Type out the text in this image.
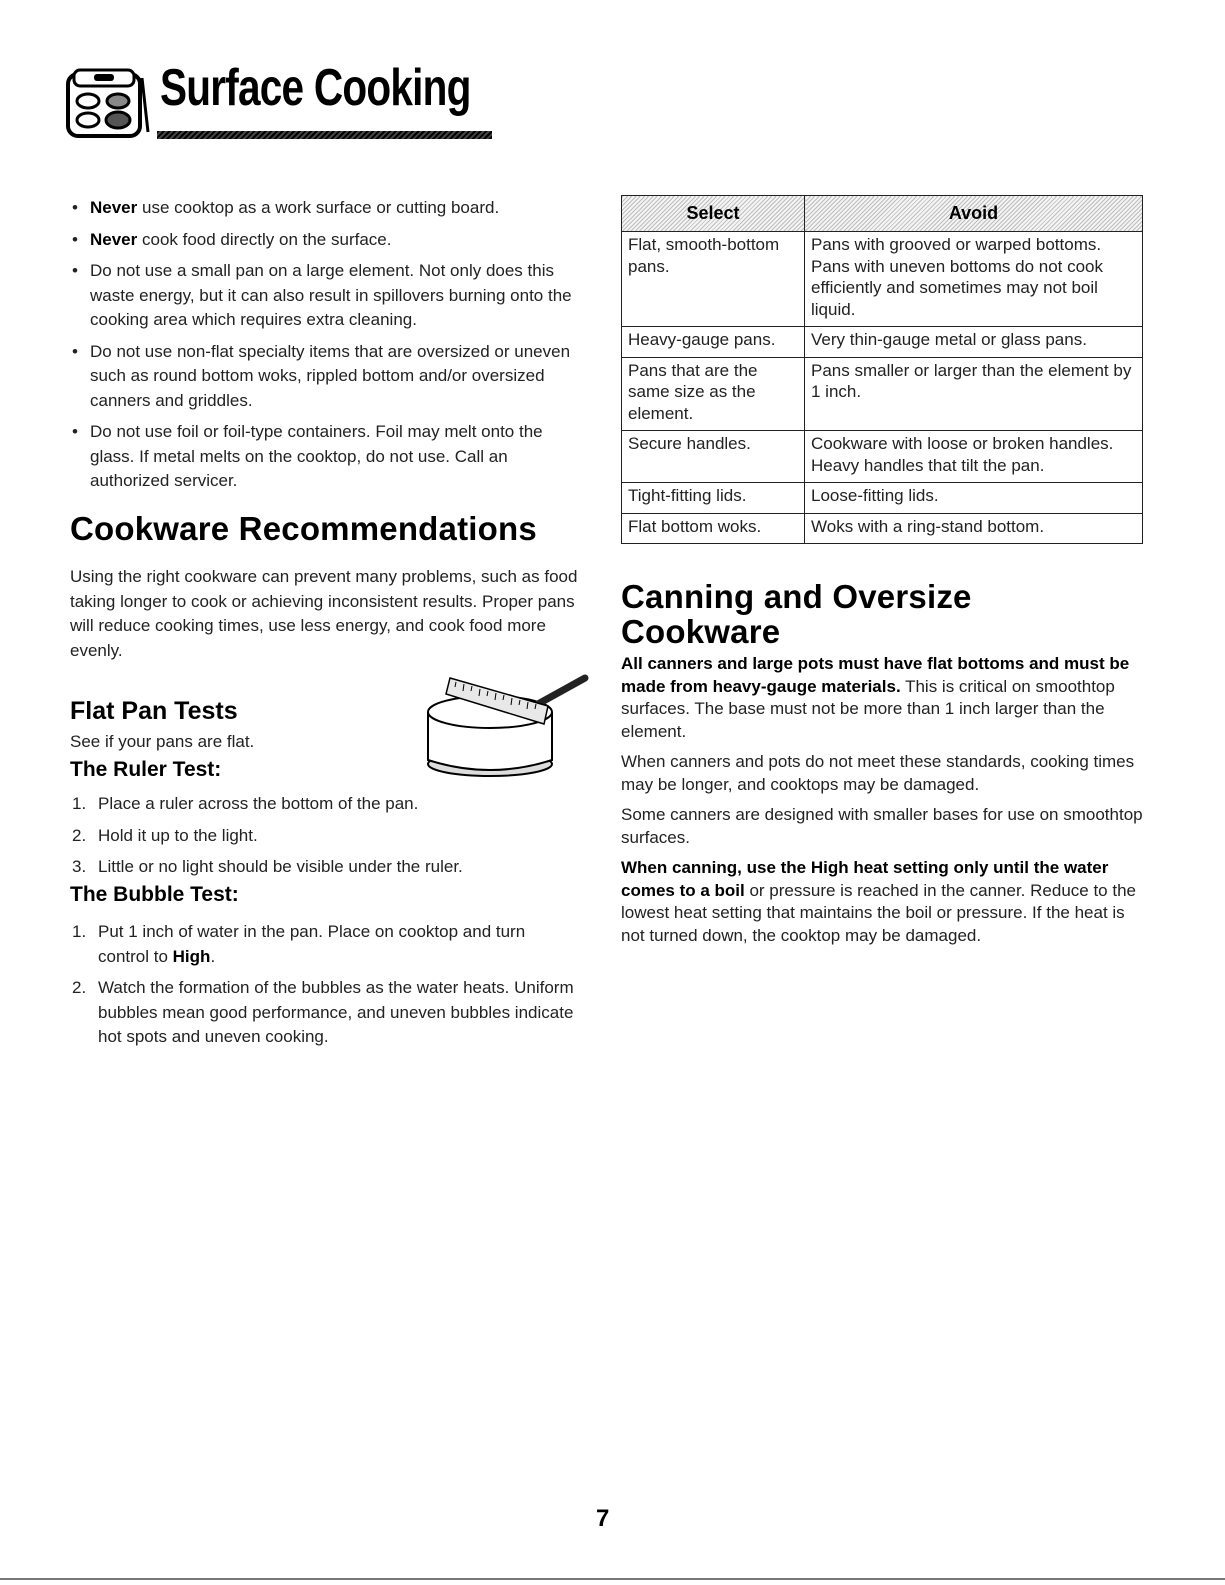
Surface Cooking
• Never use cooktop as a work surface or cutting board.
• Never cook food directly on the surface.
• Do not use a small pan on a large element. Not only does this waste energy, but it can also result in spillovers burning onto the cooking area which requires extra cleaning.
• Do not use non-flat specialty items that are oversized or uneven such as round bottom woks, rippled bottom and/or oversized canners and griddles.
• Do not use foil or foil-type containers. Foil may melt onto the glass. If metal melts on the cooktop, do not use. Call an authorized servicer.
Cookware Recommendations
Using the right cookware can prevent many problems, such as food taking longer to cook or achieving inconsistent results. Proper pans will reduce cooking times, use less energy, and cook food more evenly.
Flat Pan Tests
See if your pans are flat.
The Ruler Test:
1. Place a ruler across the bottom of the pan.
2. Hold it up to the light.
3. Little or no light should be visible under the ruler.
The Bubble Test:
1. Put 1 inch of water in the pan. Place on cooktop and turn control to High.
2. Watch the formation of the bubbles as the water heats. Uniform bubbles mean good performance, and uneven bubbles indicate hot spots and uneven cooking.
Select	Avoid
Flat, smooth-bottom pans.	Pans with grooved or warped bottoms. Pans with uneven bottoms do not cook efficiently and sometimes may not boil liquid.
Heavy-gauge pans.	Very thin-gauge metal or glass pans.
Pans that are the same size as the element.	Pans smaller or larger than the element by 1 inch.
Secure handles.	Cookware with loose or broken handles. Heavy handles that tilt the pan.
Tight-fitting lids.	Loose-fitting lids.
Flat bottom woks.	Woks with a ring-stand bottom.
Canning and Oversize
Cookware

All canners and large pots must have flat bottoms and must be made from heavy-gauge materials. This is critical on smoothtop surfaces. The base must not be more than 1 inch larger than the element.

When canners and pots do not meet these standards, cooking times may be longer, and cooktops may be damaged.

Some canners are designed with smaller bases for use on smoothtop surfaces.

When canning, use the High heat setting only until the water comes to a boil or pressure is reached in the canner. Reduce to the lowest heat setting that maintains the boil or pressure. If the heat is not turned down, the cooktop may be damaged.

7
